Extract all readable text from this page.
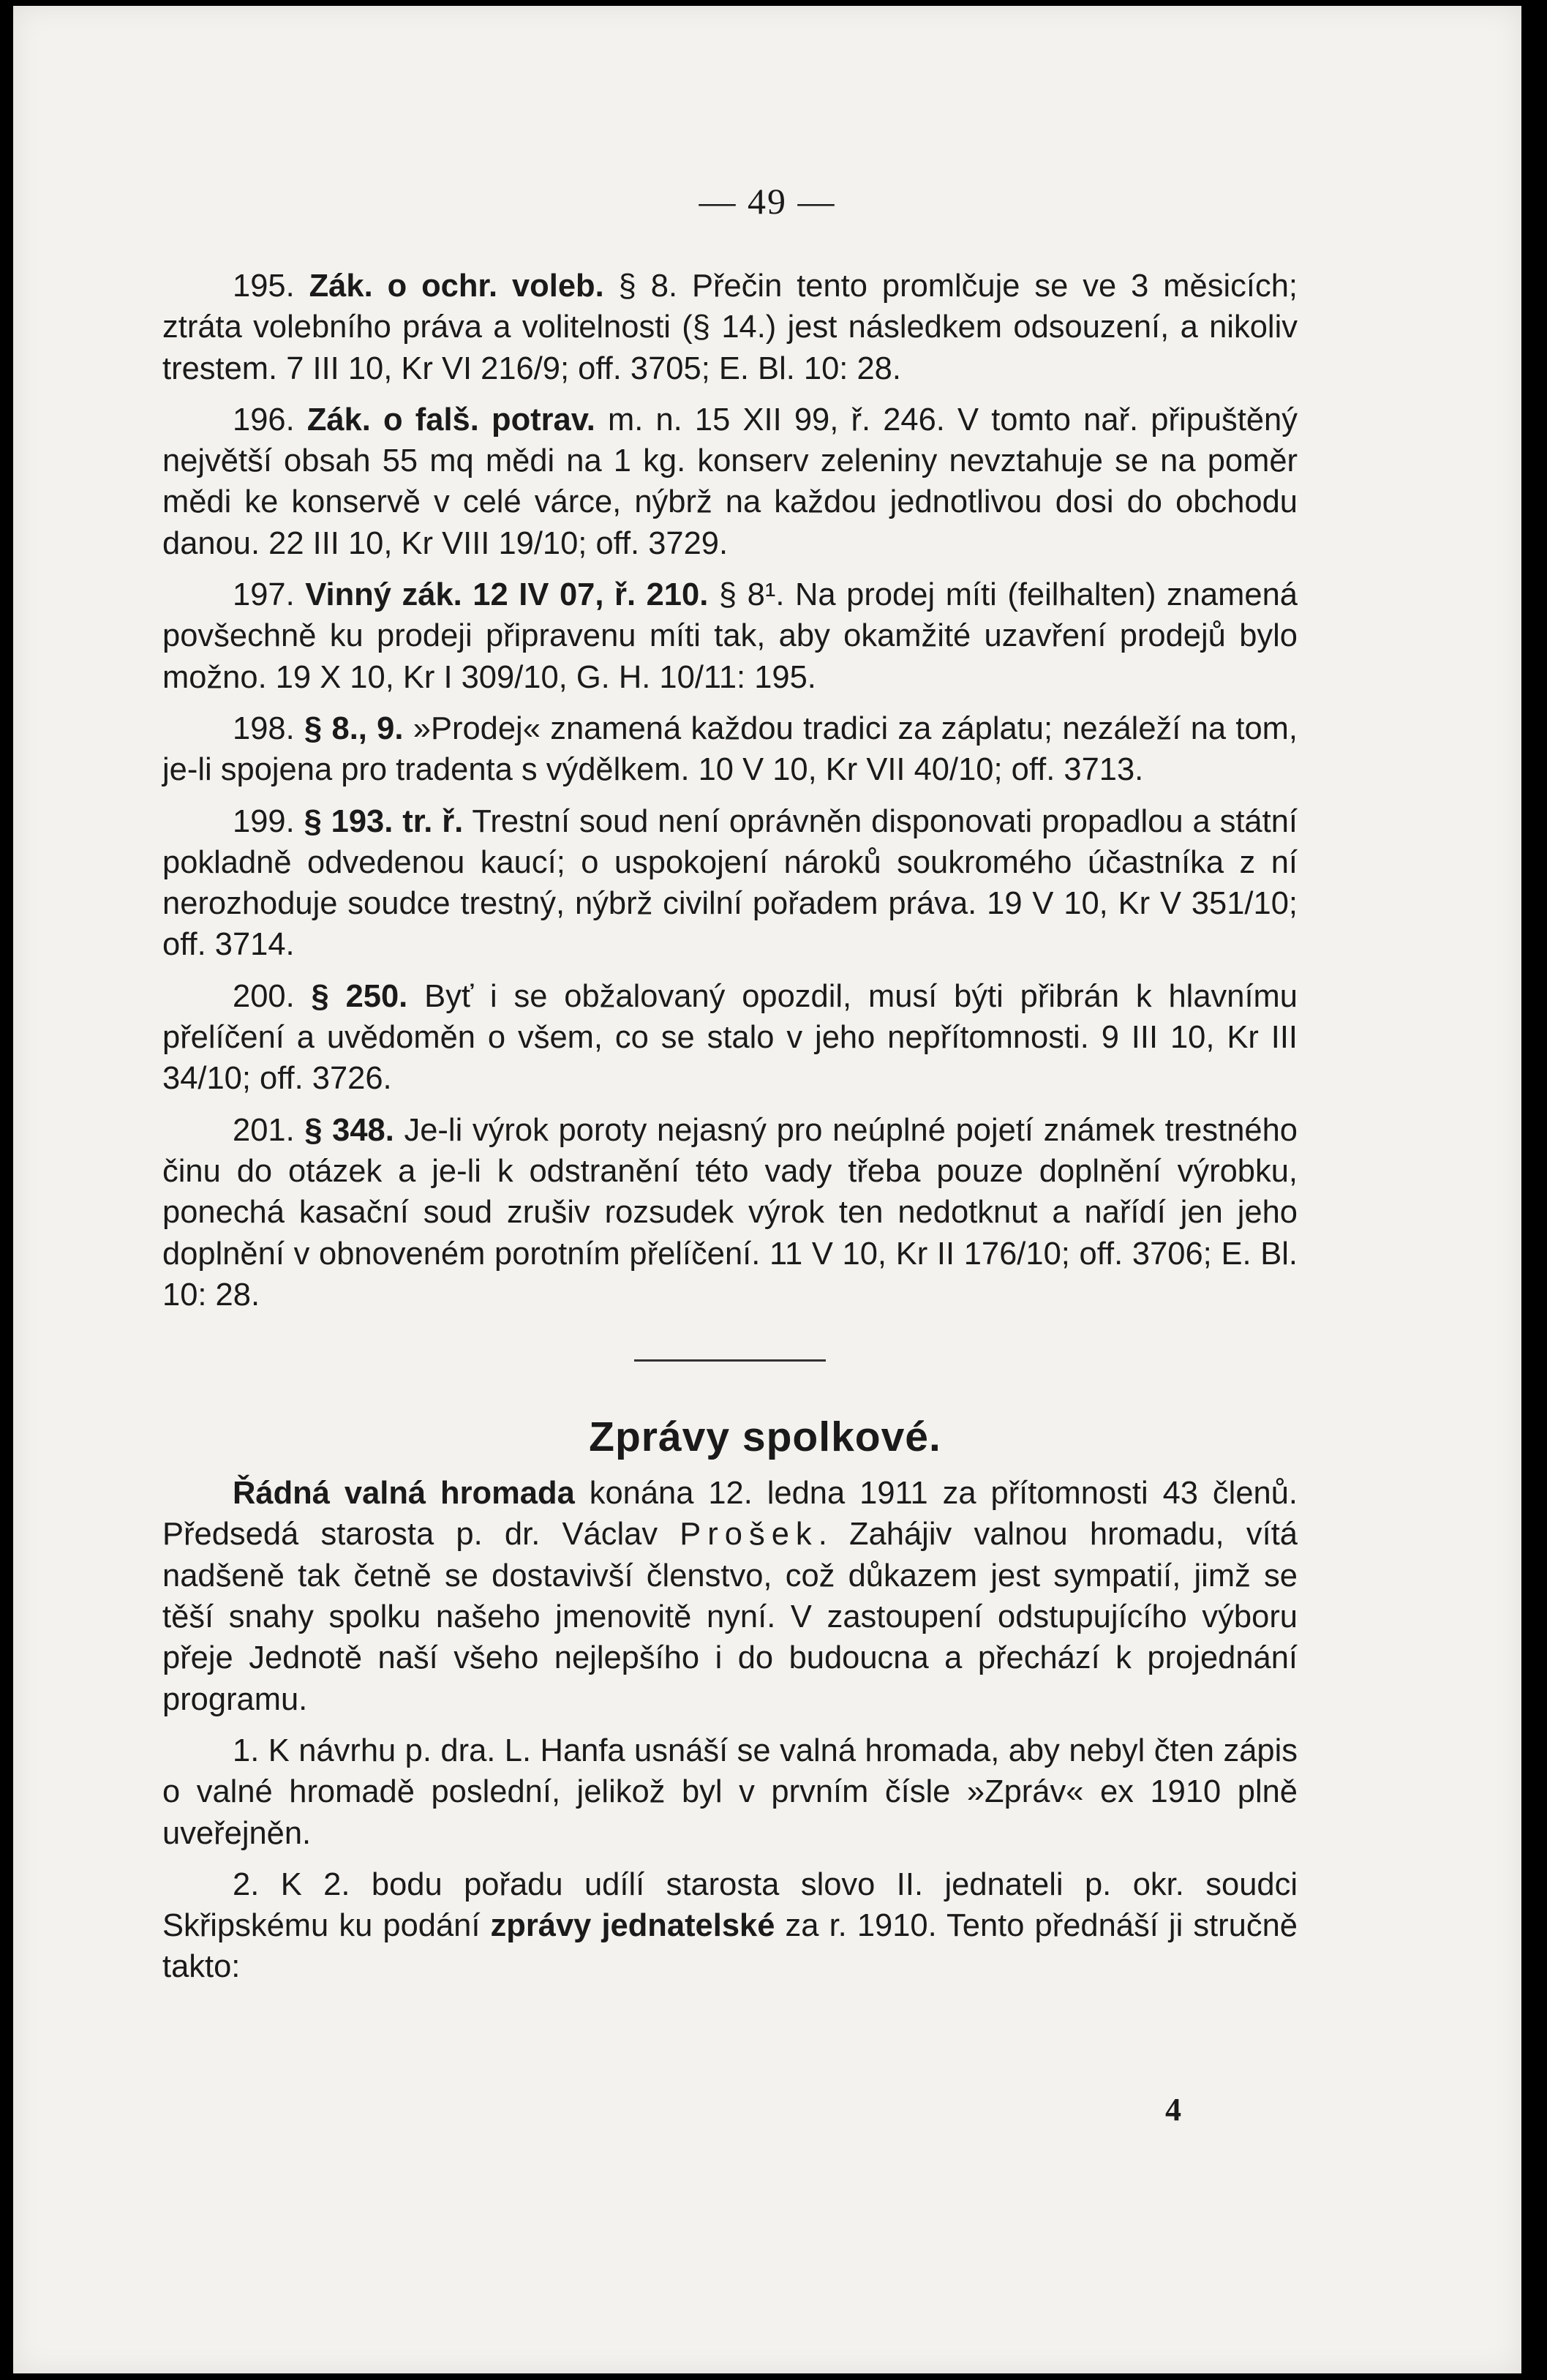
— 49 —

195. Zák. o ochr. voleb. § 8. Přečin tento promlčuje se ve 3 měsicích; ztráta volebního práva a volitelnosti (§ 14.) jest následkem odsouzení, a nikoliv trestem. 7 III 10, Kr VI 216/9; off. 3705; E. Bl. 10: 28.

196. Zák. o falš. potrav. m. n. 15 XII 99, ř. 246. V tomto nař. připuštěný největší obsah 55 mq mědi na 1 kg. konserv zeleniny nevztahuje se na poměr mědi ke konservě v celé várce, nýbrž na každou jednotlivou dosi do obchodu danou. 22 III 10, Kr VIII 19/10; off. 3729.

197. Vinný zák. 12 IV 07, ř. 210. § 8¹. Na prodej míti (feilhalten) znamená povšechně ku prodeji připravenu míti tak, aby okamžité uzavření prodejů bylo možno. 19 X 10, Kr I 309/10, G. H. 10/11: 195.

198. § 8., 9. »Prodej« znamená každou tradici za záplatu; nezáleží na tom, je-li spojena pro tradenta s výdělkem. 10 V 10, Kr VII 40/10; off. 3713.

199. § 193. tr. ř. Trestní soud není oprávněn disponovati propadlou a státní pokladně odvedenou kaucí; o uspokojení nároků soukromého účastníka z ní nerozhoduje soudce trestný, nýbrž civilní pořadem práva. 19 V 10, Kr V 351/10; off. 3714.

200. § 250. Byť i se obžalovaný opozdil, musí býti přibrán k hlavnímu přelíčení a uvědoměn o všem, co se stalo v jeho nepřítomnosti. 9 III 10, Kr III 34/10; off. 3726.

201. § 348. Je-li výrok poroty nejasný pro neúplné pojetí známek trestného činu do otázek a je-li k odstranění této vady třeba pouze doplnění výrobku, ponechá kasační soud zrušiv rozsudek výrok ten nedotknut a nařídí jen jeho doplnění v obnoveném porotním přelíčení. 11 V 10, Kr II 176/10; off. 3706; E. Bl. 10: 28.

Zprávy spolkové.

Řádná valná hromada konána 12. ledna 1911 za přítomnosti 43 členů. Předsedá starosta p. dr. Václav Prošek. Zahájiv valnou hromadu, vítá nadšeně tak četně se dostavivší členstvo, což důkazem jest sympatií, jimž se těší snahy spolku našeho jmenovitě nyní. V zastoupení odstupujícího výboru přeje Jednotě naší všeho nejlepšího i do budoucna a přechází k projednání programu.

1. K návrhu p. dra. L. Hanfa usnáší se valná hromada, aby nebyl čten zápis o valné hromadě poslední, jelikož byl v prvním čísle »Zpráv« ex 1910 plně uveřejněn.

2. K 2. bodu pořadu udílí starosta slovo II. jednateli p. okr. soudci Skřipskému ku podání zprávy jednatelské za r. 1910. Tento přednáší ji stručně takto:

4
